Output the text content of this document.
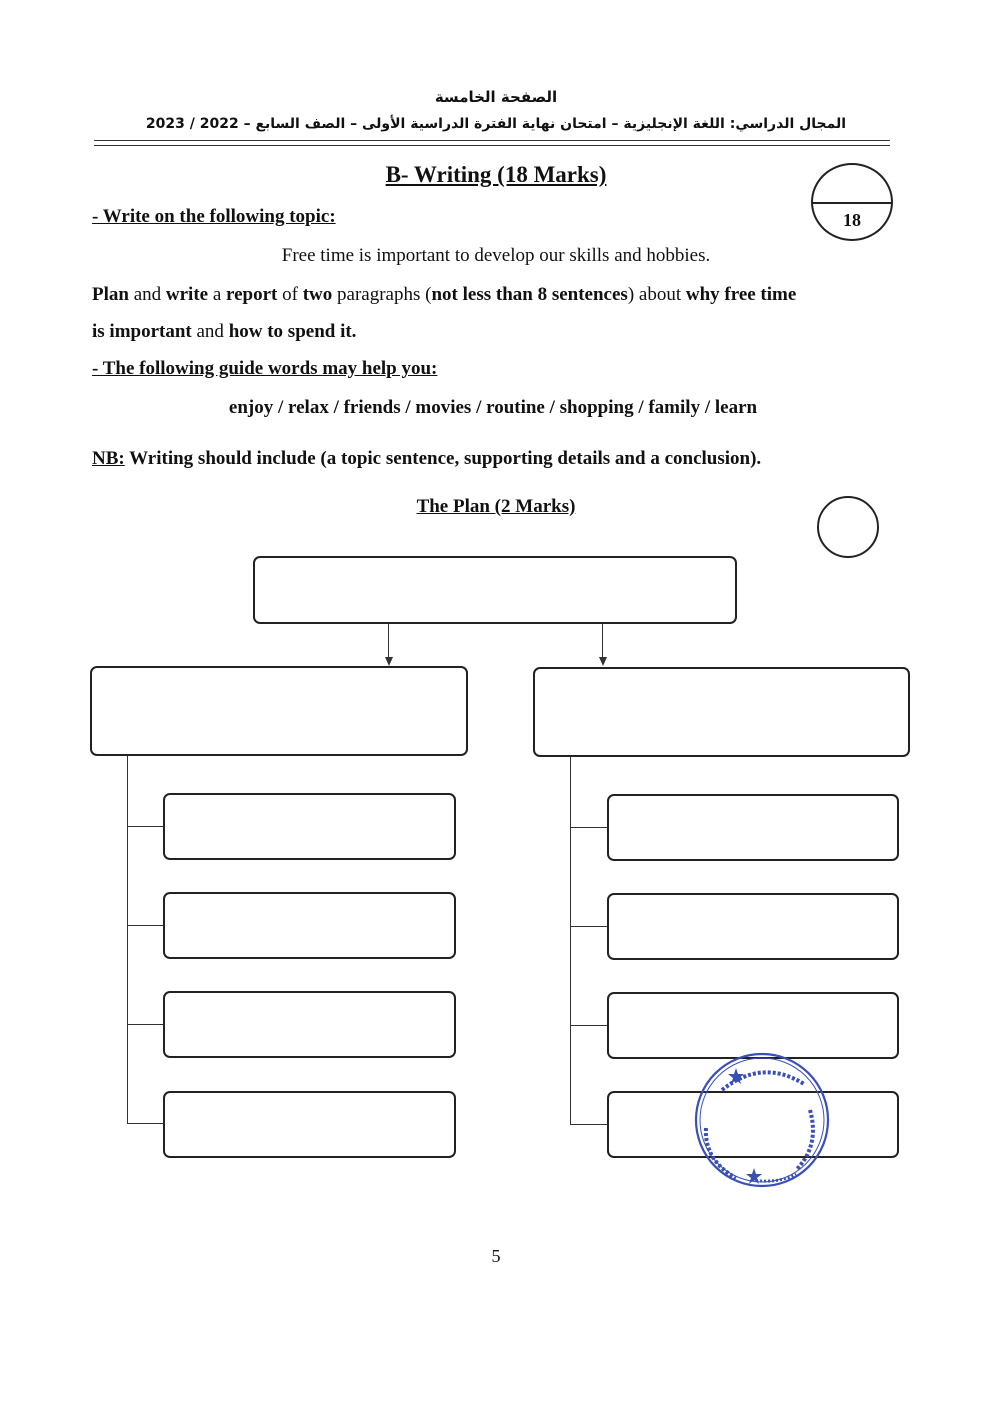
الصفحة الخامسة
المجال الدراسي: اللغة الإنجليزية – امتحان نهاية الفترة الدراسية الأولى – الصف السابع – 2022 / 2023
B- Writing (18 Marks)
18
- Write on the following topic:
Free time is important to develop our skills and hobbies.
Plan and write a report of two paragraphs (not less than 8 sentences) about why free time
is important and how to spend it.
- The following guide words may help you:
enjoy / relax / friends / movies / routine / shopping / family / learn
NB: Writing should include (a topic sentence, supporting details and a conclusion).
The Plan (2 Marks)
5
